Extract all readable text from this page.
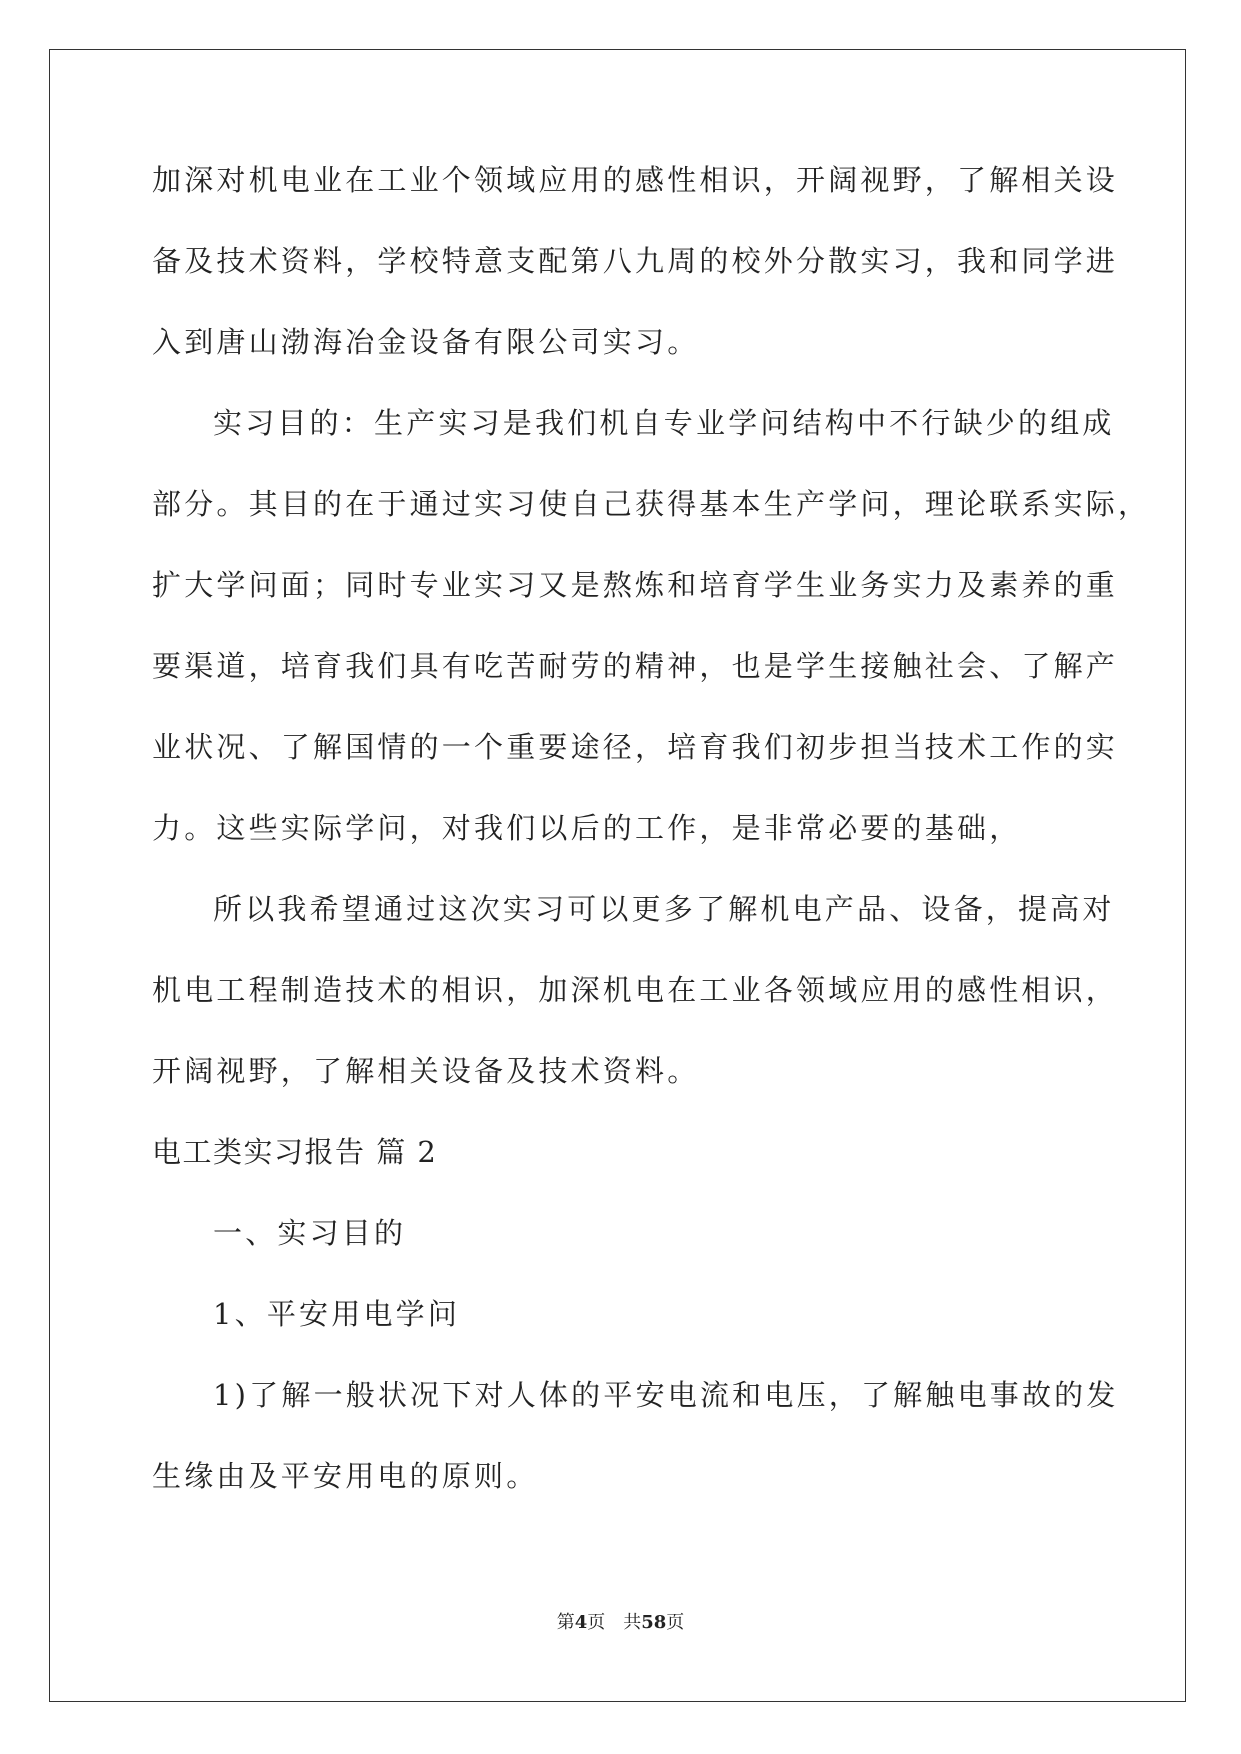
加深对机电业在工业个领域应用的感性相识，开阔视野，了解相关设
备及技术资料，学校特意支配第八九周的校外分散实习，我和同学进
入到唐山渤海冶金设备有限公司实习。
实习目的：生产实习是我们机自专业学问结构中不行缺少的组成
部分。其目的在于通过实习使自己获得基本生产学问，理论联系实际，
扩大学问面；同时专业实习又是熬炼和培育学生业务实力及素养的重
要渠道，培育我们具有吃苦耐劳的精神，也是学生接触社会、了解产
业状况、了解国情的一个重要途径，培育我们初步担当技术工作的实
力。这些实际学问，对我们以后的工作，是非常必要的基础，
所以我希望通过这次实习可以更多了解机电产品、设备，提高对
机电工程制造技术的相识，加深机电在工业各领域应用的感性相识，
开阔视野，了解相关设备及技术资料。
电工类实习报告 篇 2
一、实习目的
1、平安用电学问
1)了解一般状况下对人体的平安电流和电压，了解触电事故的发
生缘由及平安用电的原则。
第4页　共58页
